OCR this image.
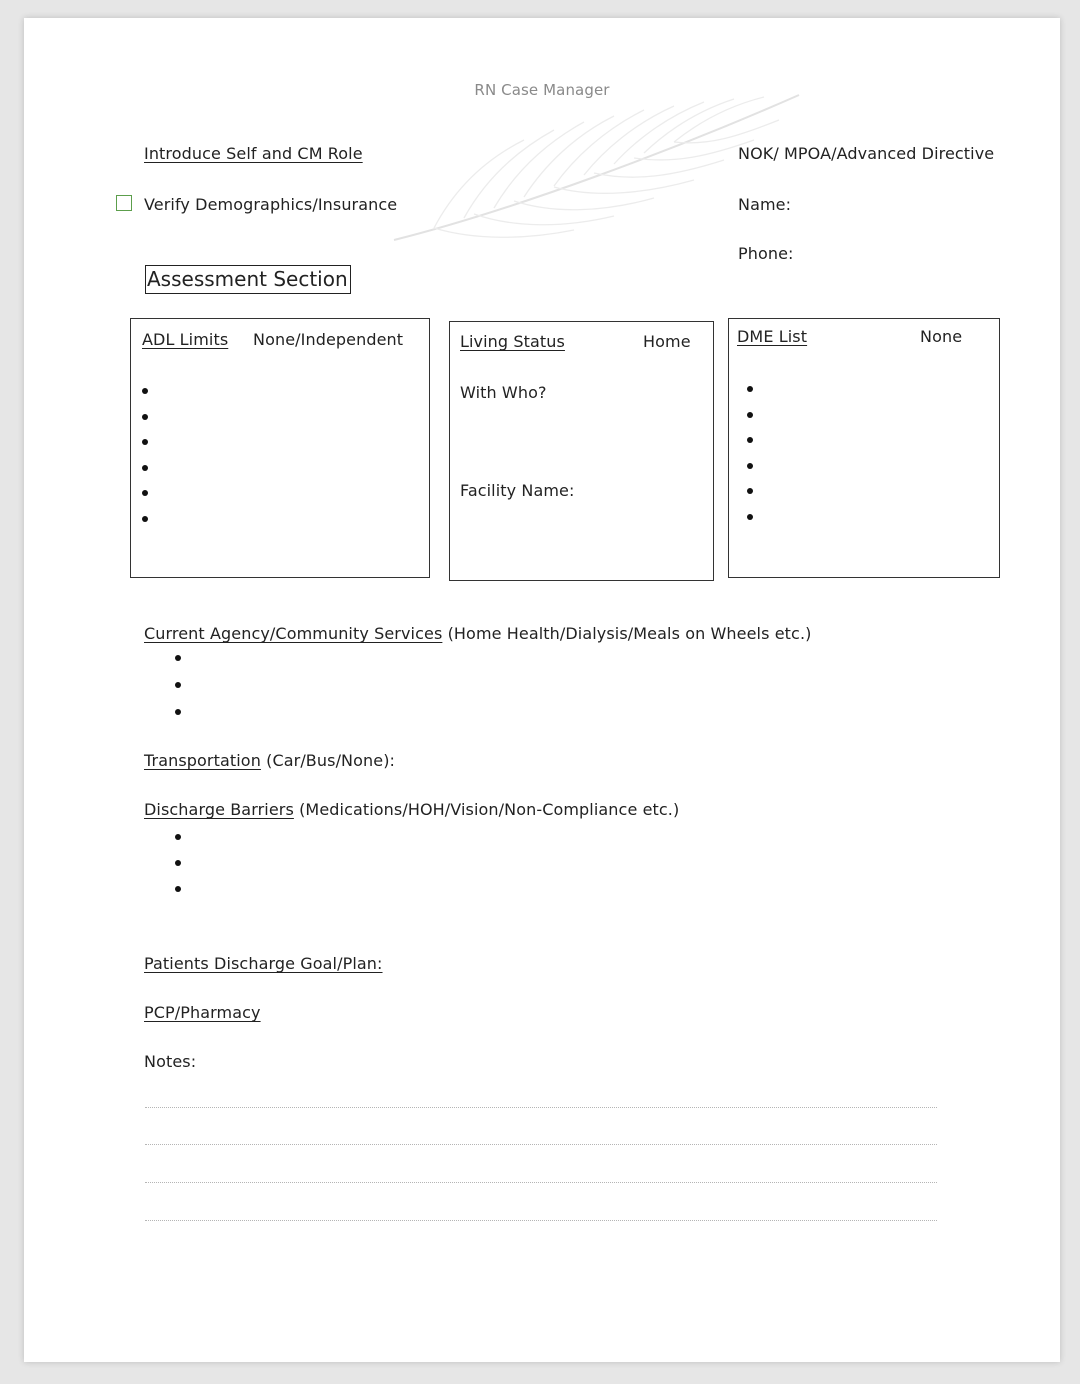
RN Case Manager
Introduce Self and CM Role
Verify Demographics/Insurance
NOK/ MPOA/Advanced Directive
Name:
Phone:
Assessment Section
ADL Limits None/Independent	Living Status	Home
With Who?
Facility Name:
DME List	None
Current Agency/Community Services (Home Health/Dialysis/Meals on Wheels etc.)
Transportation (Car/Bus/None):
Discharge Barriers (Medications/HOH/Vision/Non-Compliance etc.)
Patients Discharge Goal/Plan:
PCP/Pharmacy
Notes:
